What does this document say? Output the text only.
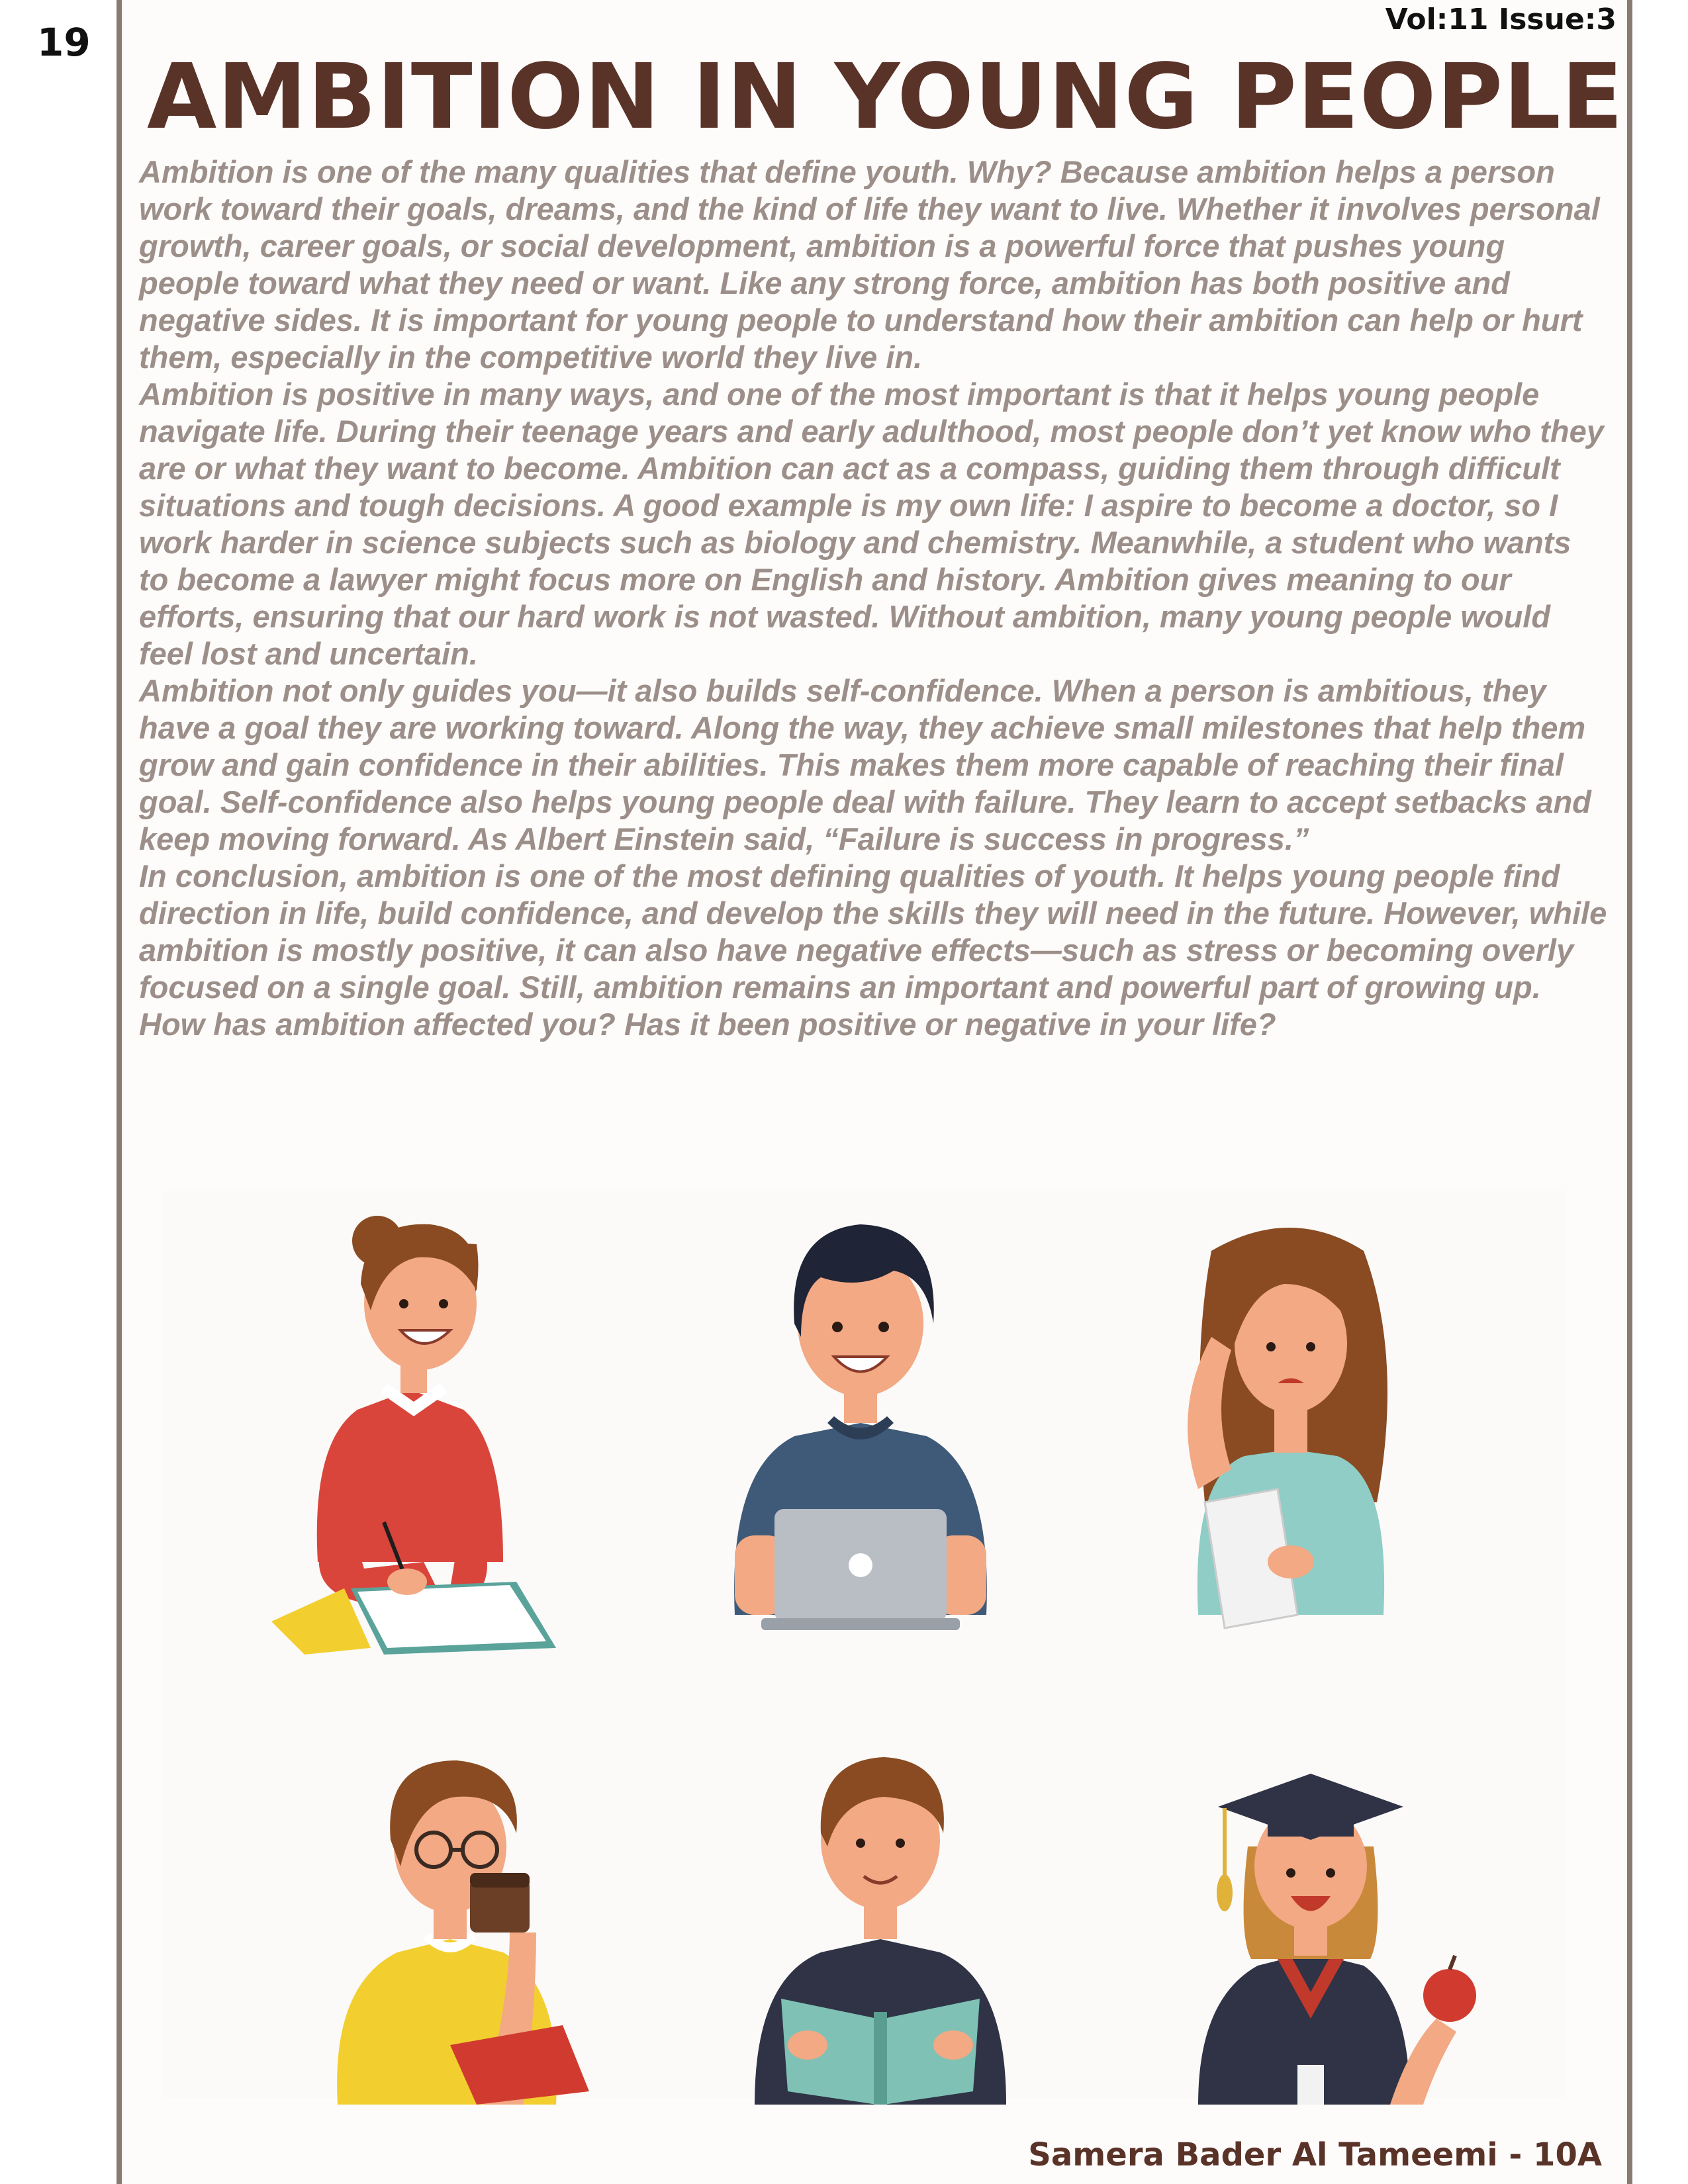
19
Vol:11 Issue:3
AMBITION IN YOUNG PEOPLE

Ambition is one of the many qualities that define youth. Why? Because ambition helps a person work toward their goals, dreams, and the kind of life they want to live. Whether it involves personal growth, career goals, or social development, ambition is a powerful force that pushes young people toward what they need or want. Like any strong force, ambition has both positive and negative sides. It is important for young people to understand how their ambition can help or hurt them, especially in the competitive world they live in.

Ambition is positive in many ways, and one of the most important is that it helps young people navigate life. During their teenage years and early adulthood, most people don’t yet know who they are or what they want to become. Ambition can act as a compass, guiding them through difficult situations and tough decisions. A good example is my own life: I aspire to become a doctor, so I work harder in science subjects such as biology and chemistry. Meanwhile, a student who wants to become a lawyer might focus more on English and history. Ambition gives meaning to our efforts, ensuring that our hard work is not wasted. Without ambition, many young people would feel lost and uncertain.

Ambition not only guides you—it also builds self-confidence. When a person is ambitious, they have a goal they are working toward. Along the way, they achieve small milestones that help them grow and gain confidence in their abilities. This makes them more capable of reaching their final goal. Self-confidence also helps young people deal with failure. They learn to accept setbacks and keep moving forward. As Albert Einstein said, “Failure is success in progress.”

In conclusion, ambition is one of the most defining qualities of youth. It helps young people find direction in life, build confidence, and develop the skills they will need in the future. However, while ambition is mostly positive, it can also have negative effects—such as stress or becoming overly focused on a single goal. Still, ambition remains an important and powerful part of growing up.

How has ambition affected you? Has it been positive or negative in your life?

Samera Bader Al Tameemi - 10A
